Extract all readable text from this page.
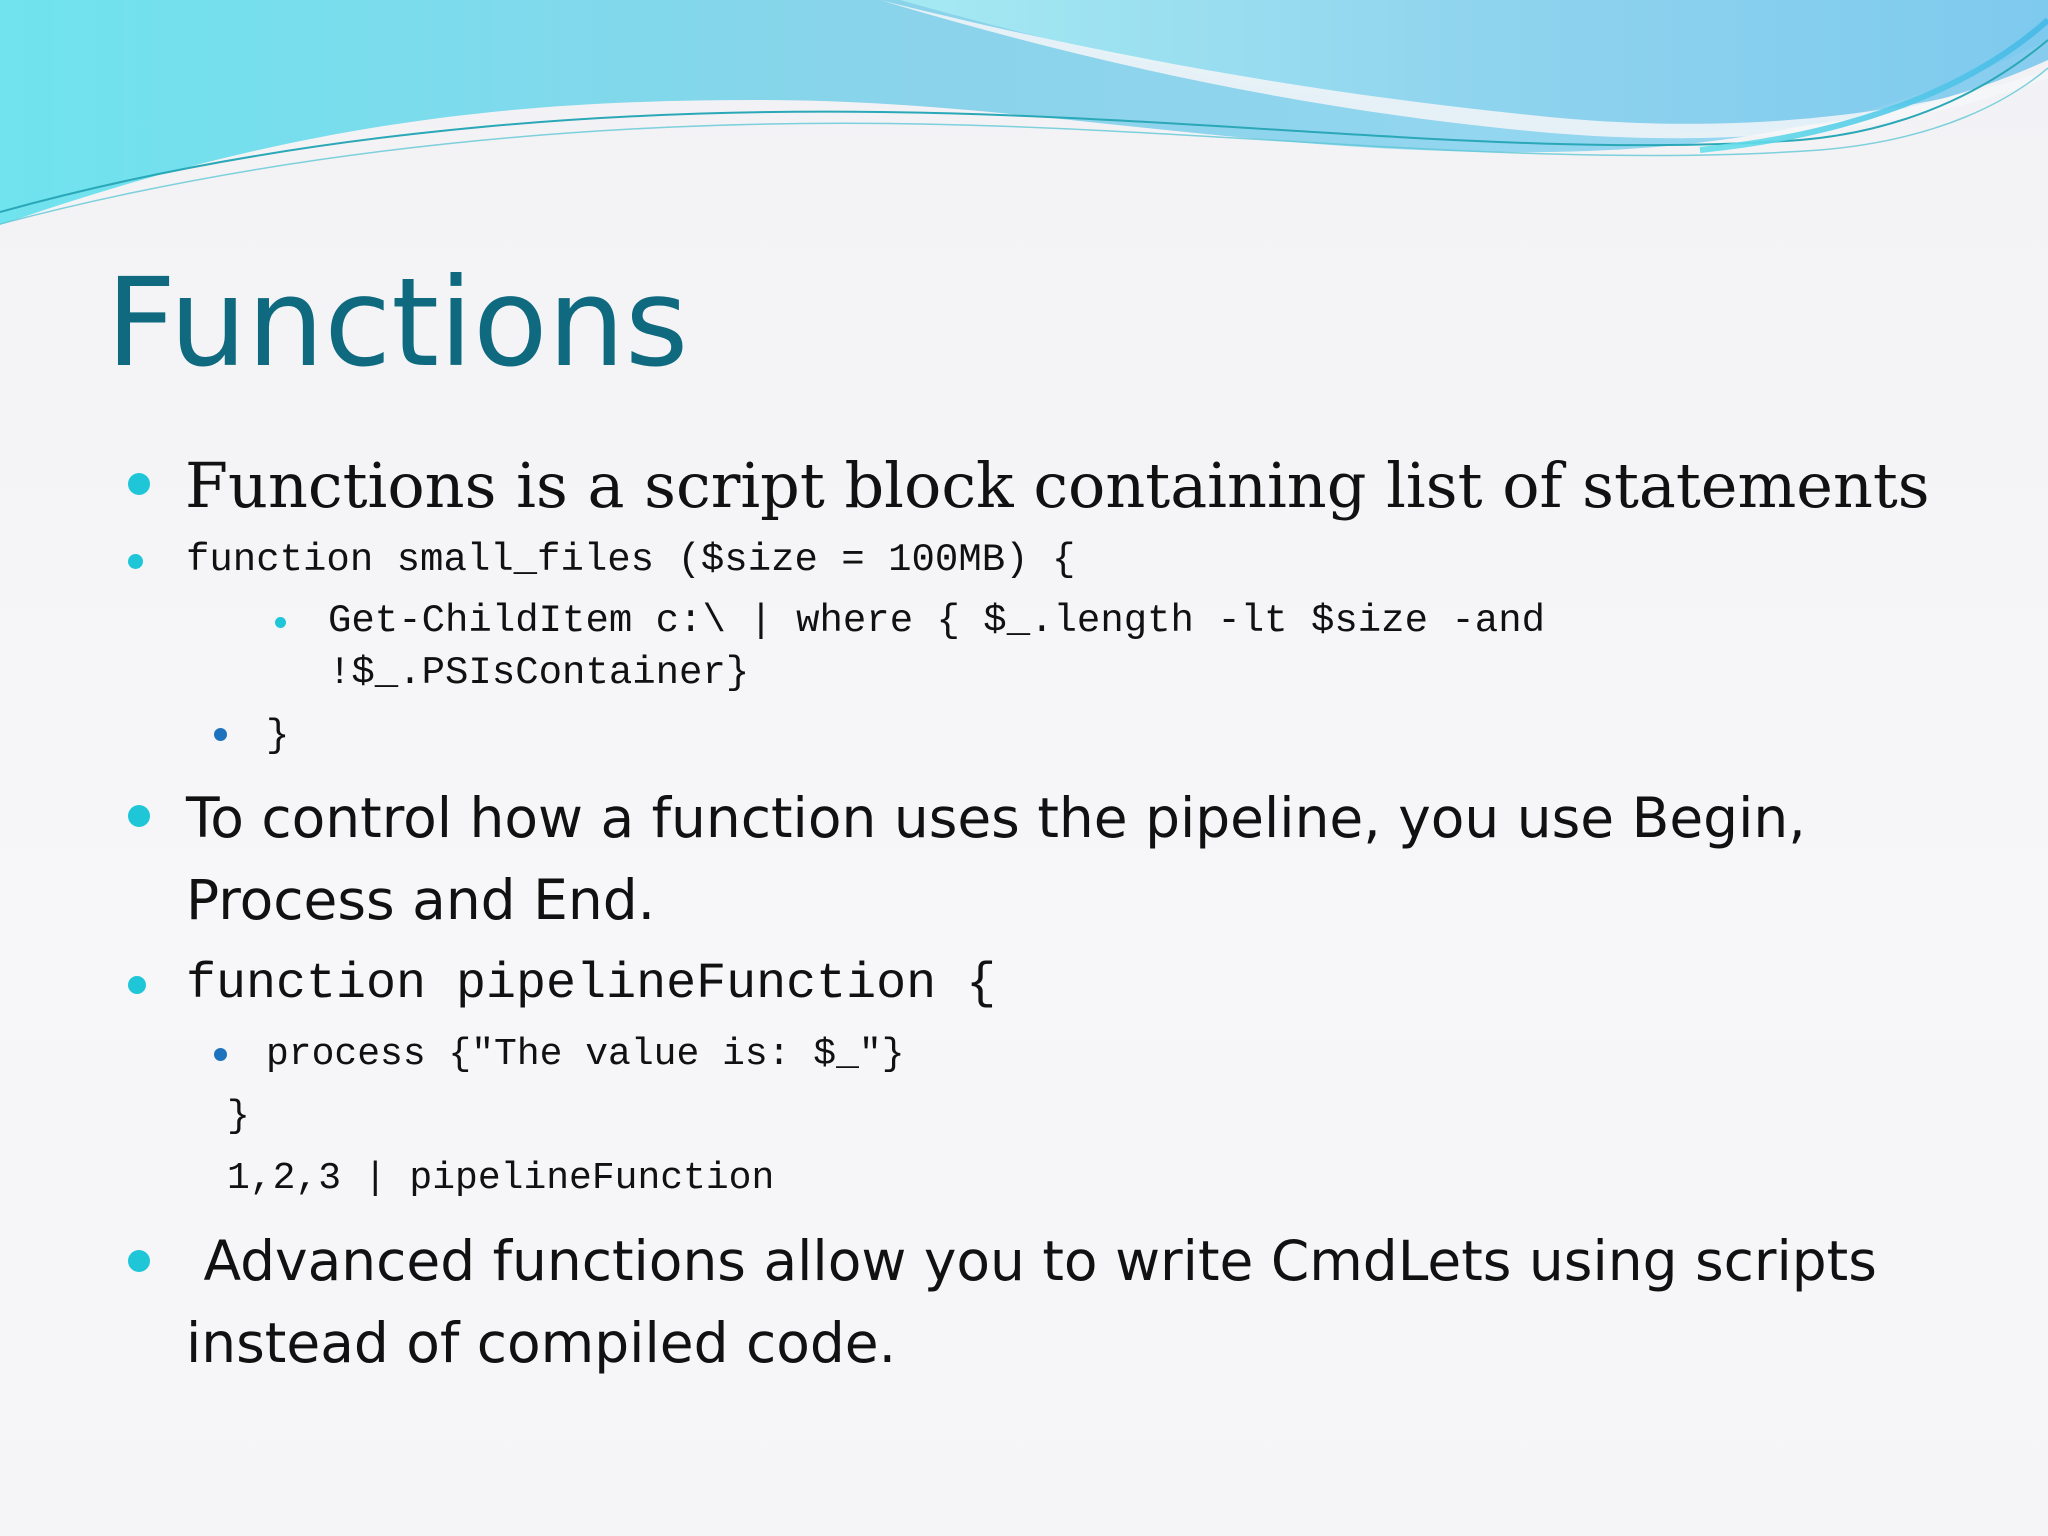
Functions
Functions is a script block containing list of statements
function small_files ($size = 100MB) {
Get-ChildItem c:\ | where { $_.length -lt $size -and
!$_.PSIsContainer}
}
To control how a function uses the pipeline, you use Begin,
Process and End.
function pipelineFunction {
process {"The value is: $_"}
}
1,2,3 | pipelineFunction
Advanced functions allow you to write CmdLets using scripts
instead of compiled code.
